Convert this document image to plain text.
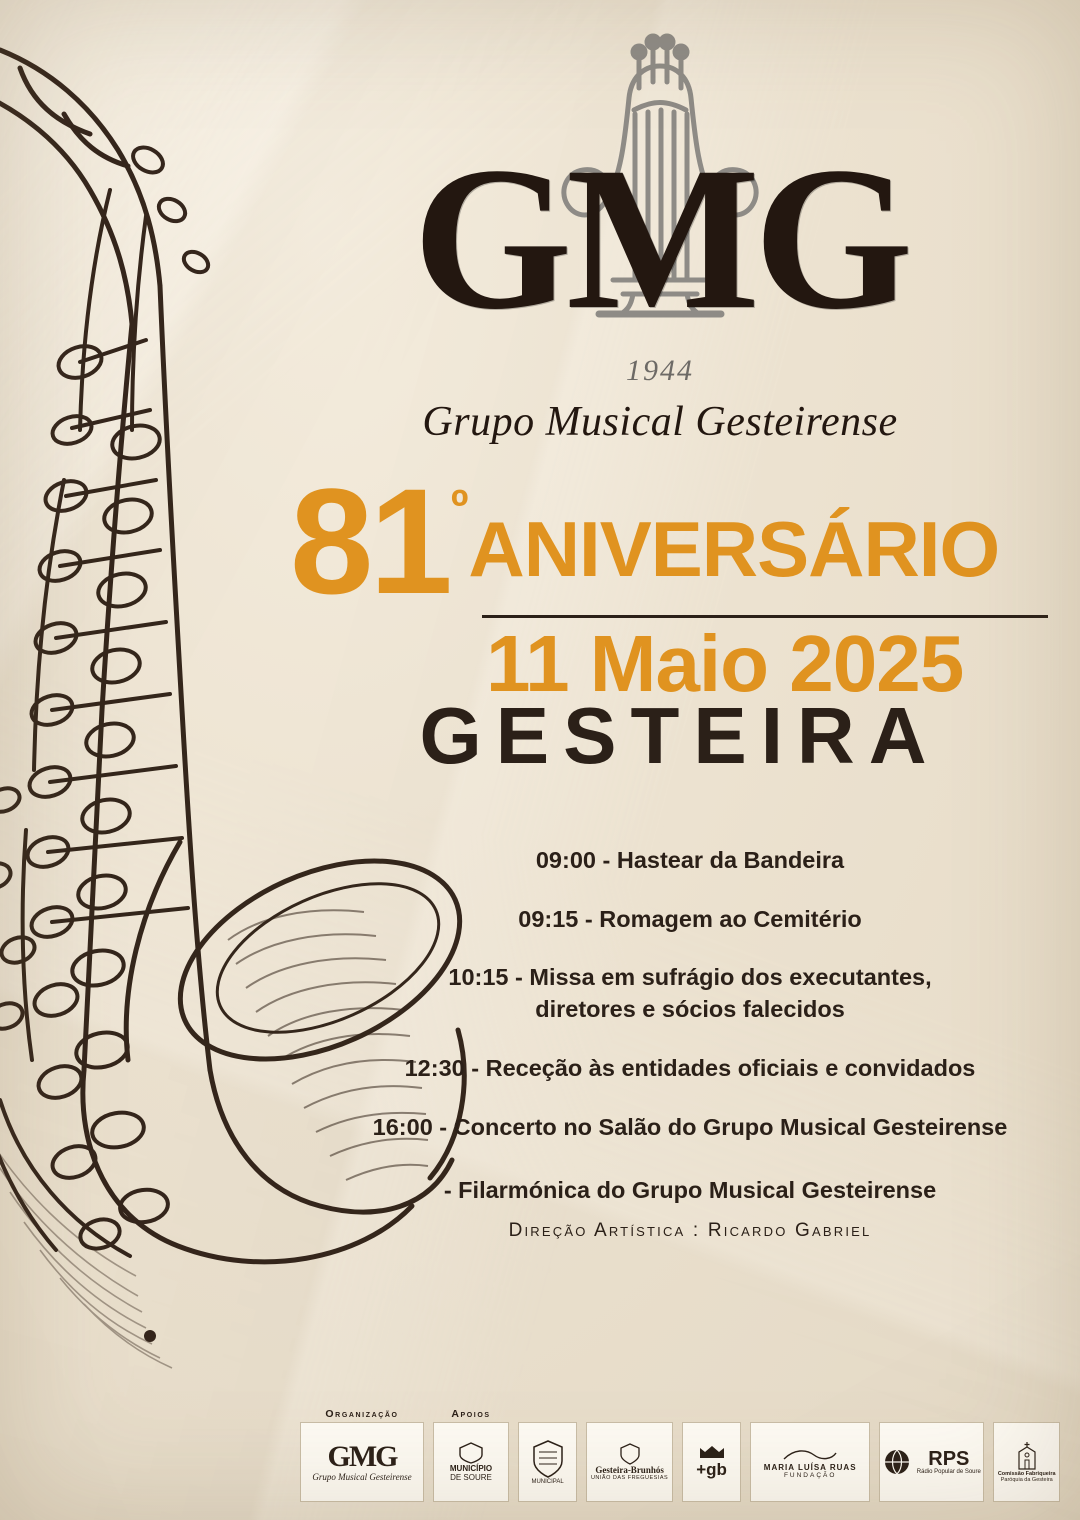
GMG
1944
Grupo Musical Gesteirense
81 º ANIVERSÁRIO
11 Maio 2025
GESTEIRA
09:00 - Hastear da Bandeira
09:15 - Romagem ao Cemitério
10:15 - Missa em sufrágio dos executantes,
diretores e sócios falecidos
12:30 - Receção às entidades oficiais e convidados
16:00 - Concerto no Salão do Grupo Musical Gesteirense
- Filarmónica do Grupo Musical Gesteirense
Direção Artística : Ricardo Gabriel
Organização
GMG
Grupo Musical Gesteirense
Apoios
MUNICÍPIO
DE SOURE	MUNICIPAL
Gesteira-Brunhós
UNIÃO DAS FREGUESIAS +gb	MARIA LUÍSA RUAS
FUNDAÇÃO
RPS
Rádio Popular de Soure	Comissão Fabriqueira
Paróquia da Gesteira
